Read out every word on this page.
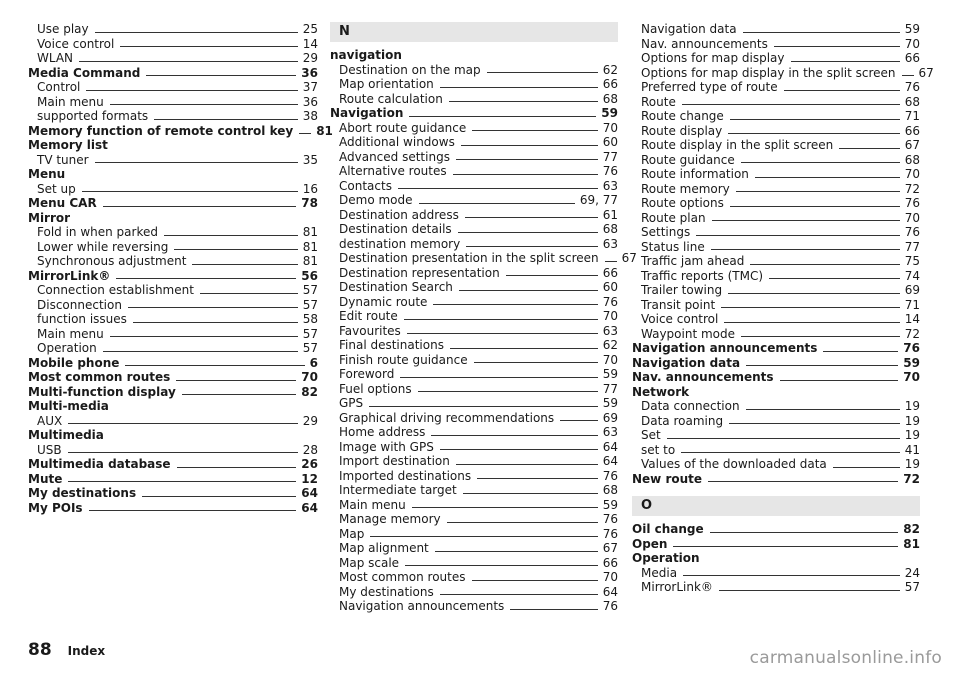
Use play	25
Voice control	14
WLAN	29
Media Command	36
Control	37
Main menu	36
supported formats	38
Memory function of remote control key 81
Memory list
TV tuner	35
Menu
Set up	16
Menu CAR	78
Mirror
Fold in when parked	81
Lower while reversing	81
Synchronous adjustment	81
MirrorLink®	56
Connection establishment	57
Disconnection	57
function issues	58
Main menu	57
Operation	57
Mobile phone	6
Most common routes	70
Multi-function display	82
Multi-media
AUX	29
Multimedia
USB	28
Multimedia database	26
Mute	12
My destinations	64
My POIs	64
N
navigation
Destination on the map	62
Map orientation	66
Route calculation	68
Navigation	59
Abort route guidance	70
Additional windows	60
Advanced settings	77
Alternative routes	76
Contacts	63
Demo mode	69, 77
Destination address	61
Destination details	68
destination memory	63
Destination presentation in the split screen 67
Destination representation	66
Destination Search	60
Dynamic route	76
Edit route	70
Favourites	63
Final destinations	62
Finish route guidance	70
Foreword	59
Fuel options	77
GPS	59
Graphical driving recommendations	69
Home address	63
Image with GPS	64
Import destination	64
Imported destinations	76
Intermediate target	68
Main menu	59
Manage memory	76
Map	76
Map alignment	67
Map scale	66
Most common routes	70
My destinations	64
Navigation announcements	76
Navigation data	59
Nav. announcements	70
Options for map display	66
Options for map display in the split screen 67
Preferred type of route	76
Route	68
Route change	71
Route display	66
Route display in the split screen	67
Route guidance	68
Route information	70
Route memory	72
Route options	76
Route plan	70
Settings	76
Status line	77
Traffic jam ahead	75
Traffic reports (TMC)	74
Trailer towing	69
Transit point	71
Voice control	14
Waypoint mode	72
Navigation announcements	76
Navigation data	59
Nav. announcements	70
Network
Data connection	19
Data roaming	19
Set	19
set to	41
Values of the downloaded data	19
New route	72
O
Oil change	82
Open	81
Operation
Media	24
MirrorLink®	57
88 Index	carmanualsonline.info
